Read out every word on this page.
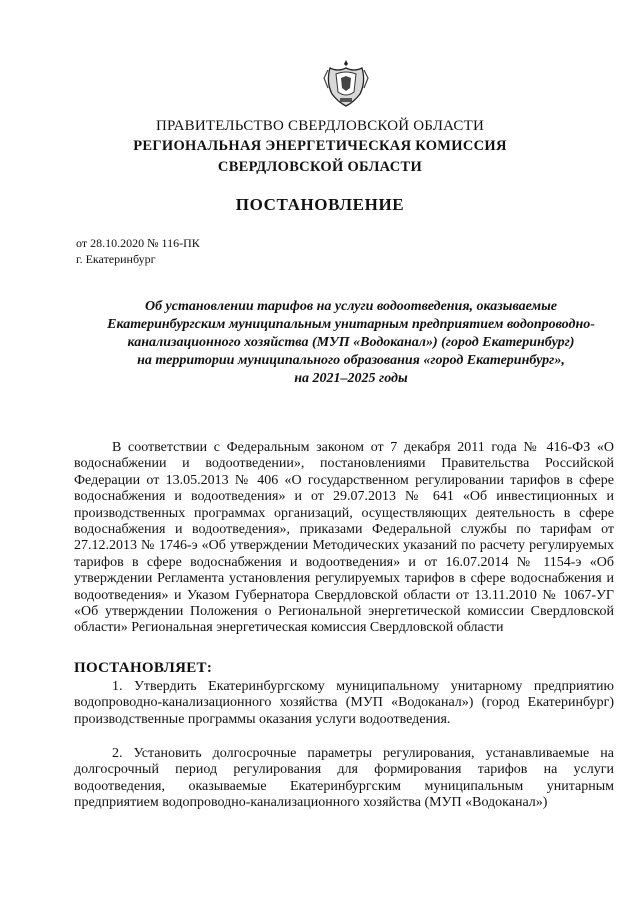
ПРАВИТЕЛЬСТВО СВЕРДЛОВСКОЙ ОБЛАСТИ
РЕГИОНАЛЬНАЯ ЭНЕРГЕТИЧЕСКАЯ КОМИССИЯ
СВЕРДЛОВСКОЙ ОБЛАСТИ
ПОСТАНОВЛЕНИЕ
от 28.10.2020 № 116-ПК
г. Екатеринбург
Об установлении тарифов на услуги водоотведения, оказываемые
Екатеринбургским муниципальным унитарным предприятием водопроводно-
канализационного хозяйства (МУП «Водоканал») (город Екатеринбург)
на территории муниципального образования «город Екатеринбург»,
на 2021–2025 годы
В соответствии с Федеральным законом от 7 декабря 2011 года № 416-ФЗ «О водоснабжении и водоотведении», постановлениями Правительства Российской Федерации от 13.05.2013 № 406 «О государственном регулировании тарифов в сфере водоснабжения и водоотведения» и от 29.07.2013 № 641 «Об инвестиционных и производственных программах организаций, осуществляющих деятельность в сфере водоснабжения и водоотведения», приказами Федеральной службы по тарифам от 27.12.2013 № 1746-э «Об утверждении Методических указаний по расчету регулируемых тарифов в сфере водоснабжения и водоотведения» и от 16.07.2014 № 1154-э «Об утверждении Регламента установления регулируемых тарифов в сфере водоснабжения и водоотведения» и Указом Губернатора Свердловской области от 13.11.2010 № 1067-УГ «Об утверждении Положения о Региональной энергетической комиссии Свердловской области» Региональная энергетическая комиссия Свердловской области
ПОСТАНОВЛЯЕТ:
1. Утвердить Екатеринбургскому муниципальному унитарному предприятию водопроводно-канализационного хозяйства (МУП «Водоканал») (город Екатеринбург) производственные программы оказания услуги водоотведения.
2. Установить долгосрочные параметры регулирования, устанавливаемые на долгосрочный период регулирования для формирования тарифов на услуги водоотведения, оказываемые Екатеринбургским муниципальным унитарным предприятием водопроводно-канализационного хозяйства (МУП «Водоканал»)
